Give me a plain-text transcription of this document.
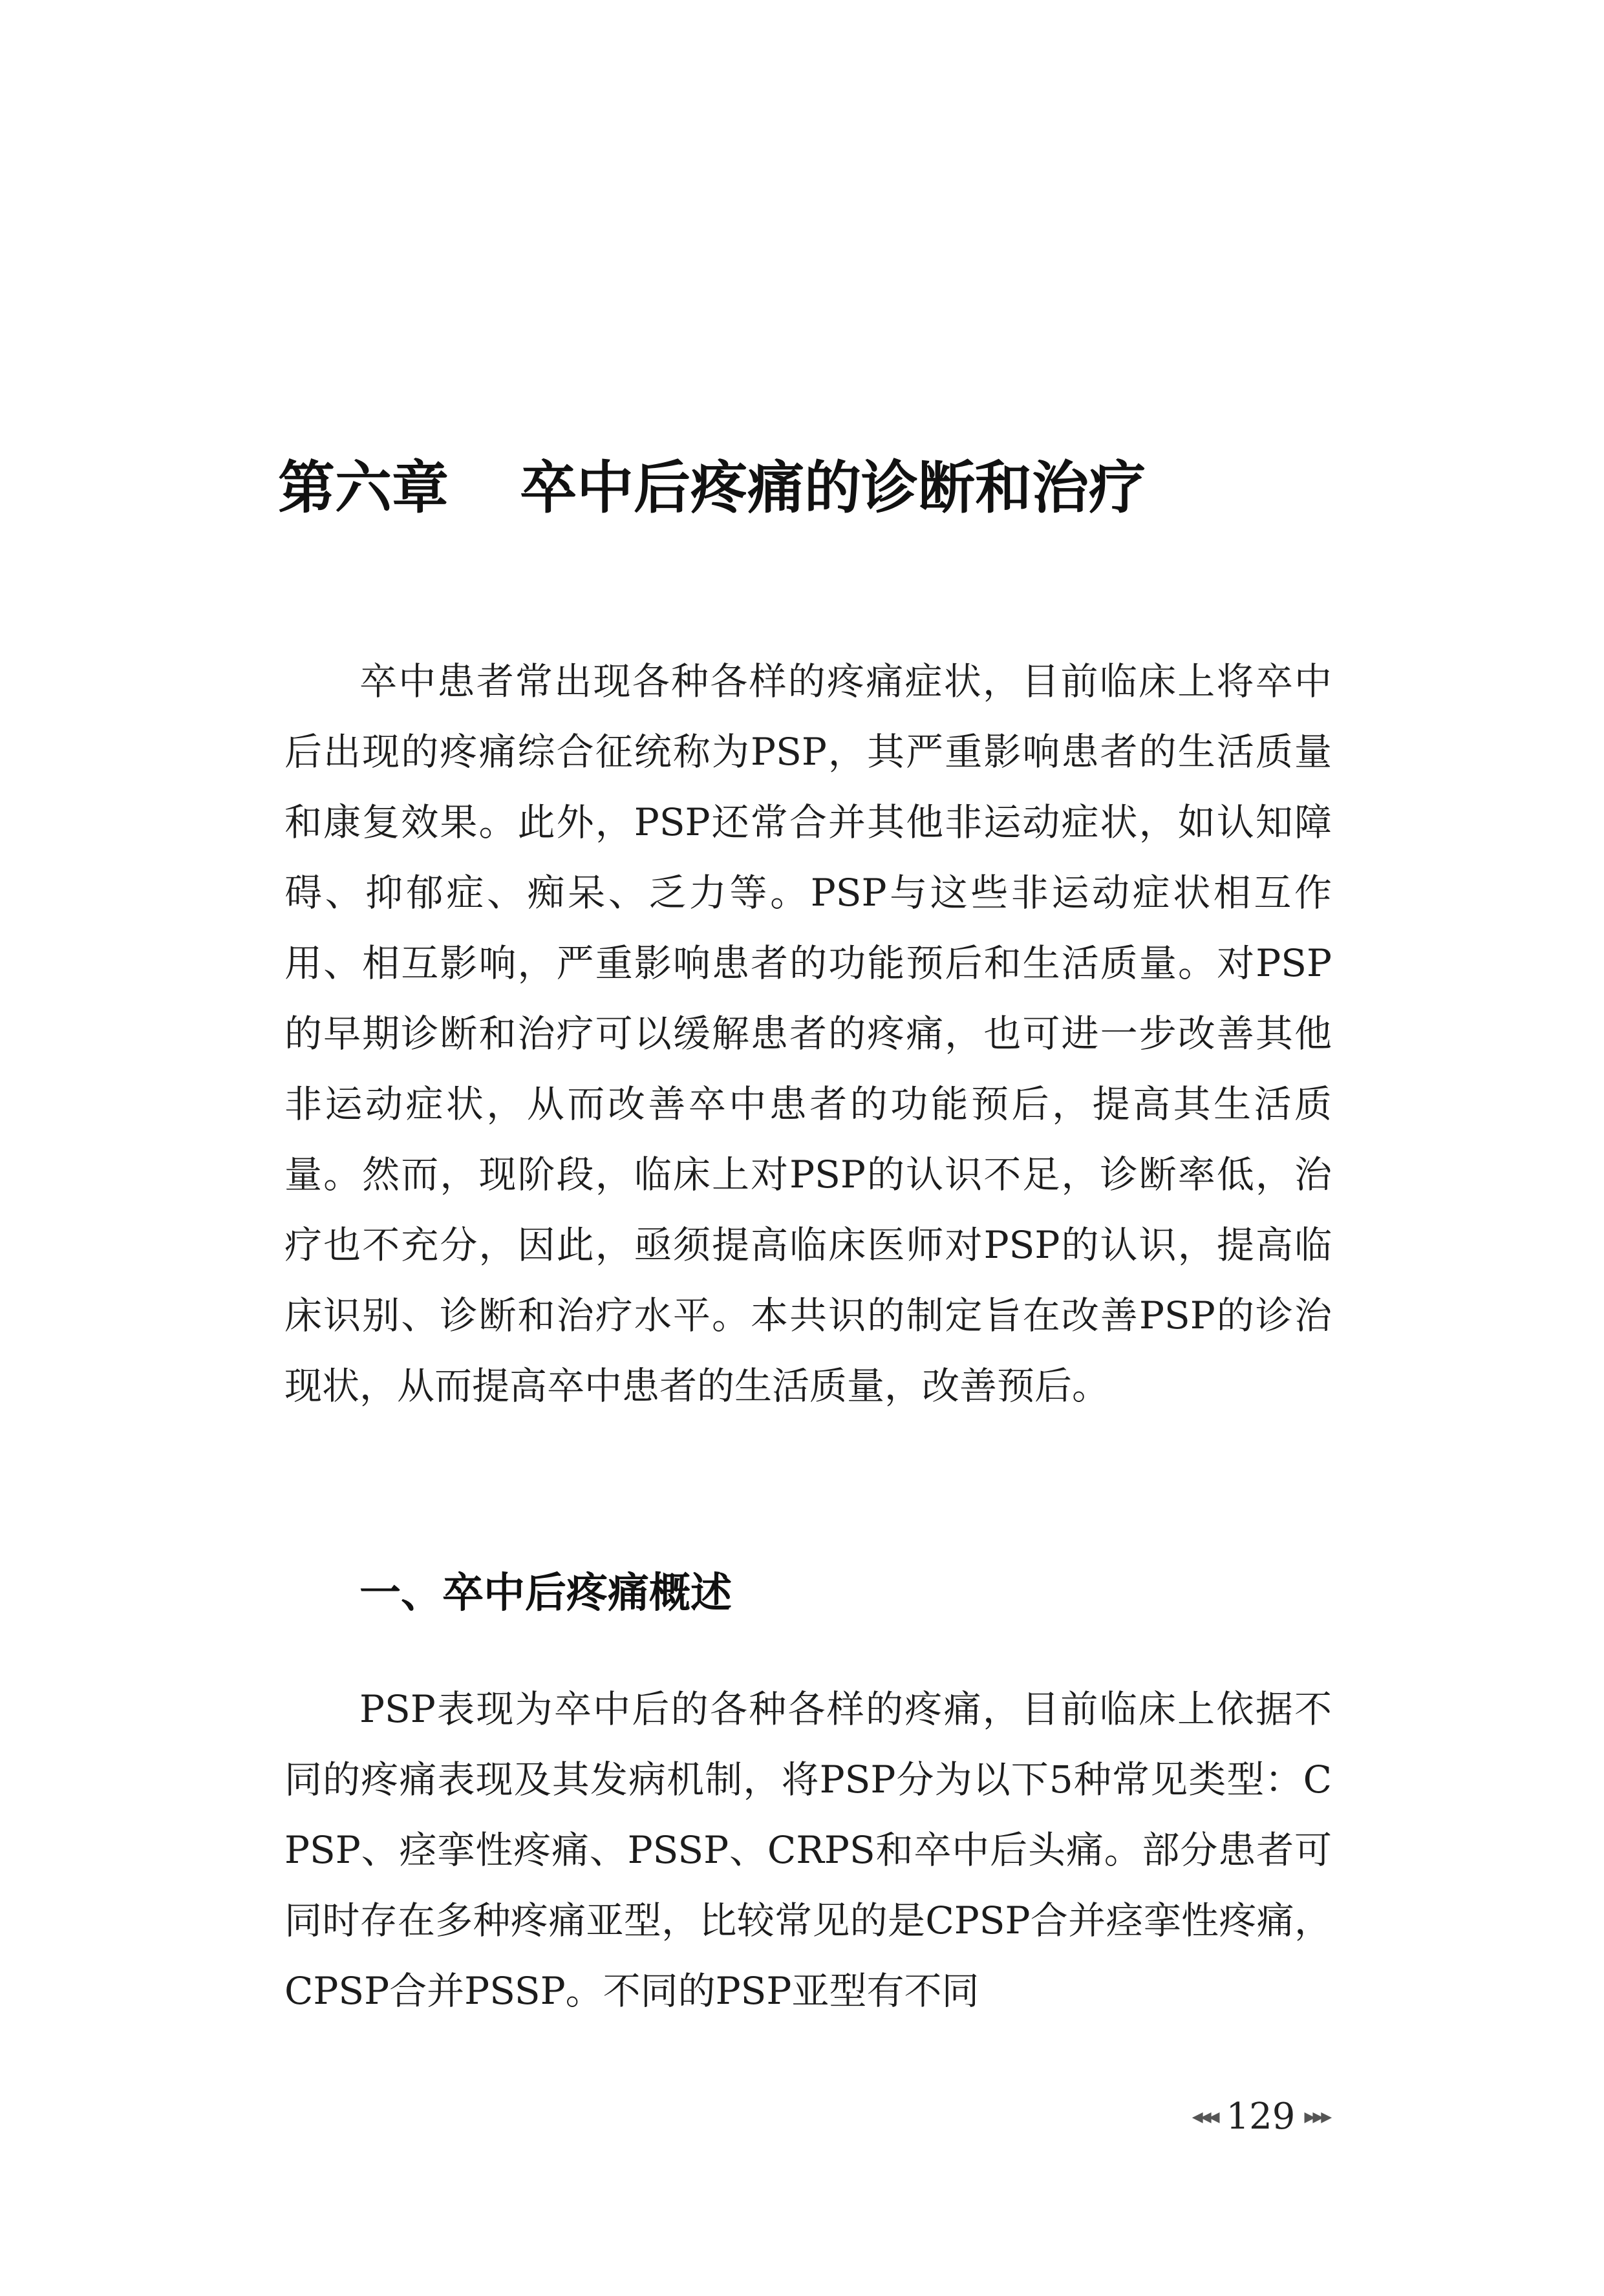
第六章 卒中后疼痛的诊断和治疗

卒中患者常出现各种各样的疼痛症状，目前临床上将卒中后出现的疼痛综合征统称为PSP，其严重影响患者的生活质量和康复效果。此外，PSP还常合并其他非运动症状，如认知障碍、抑郁症、痴呆、乏力等。PSP与这些非运动症状相互作用、相互影响，严重影响患者的功能预后和生活质量。对PSP的早期诊断和治疗可以缓解患者的疼痛，也可进一步改善其他非运动症状，从而改善卒中患者的功能预后，提高其生活质量。然而，现阶段，临床上对PSP的认识不足，诊断率低，治疗也不充分，因此，亟须提高临床医师对PSP的认识，提高临床识别、诊断和治疗水平。本共识的制定旨在改善PSP的诊治现状，从而提高卒中患者的生活质量，改善预后。

一、卒中后疼痛概述

PSP表现为卒中后的各种各样的疼痛，目前临床上依据不同的疼痛表现及其发病机制，将PSP分为以下5种常见类型：CPSP、痉挛性疼痛、PSSP、CRPS和卒中后头痛。部分患者可同时存在多种疼痛亚型，比较常见的是CPSP合并痉挛性疼痛，CPSP合并PSSP。不同的PSP亚型有不同

◀◀◀ 129 ▶▶▶
